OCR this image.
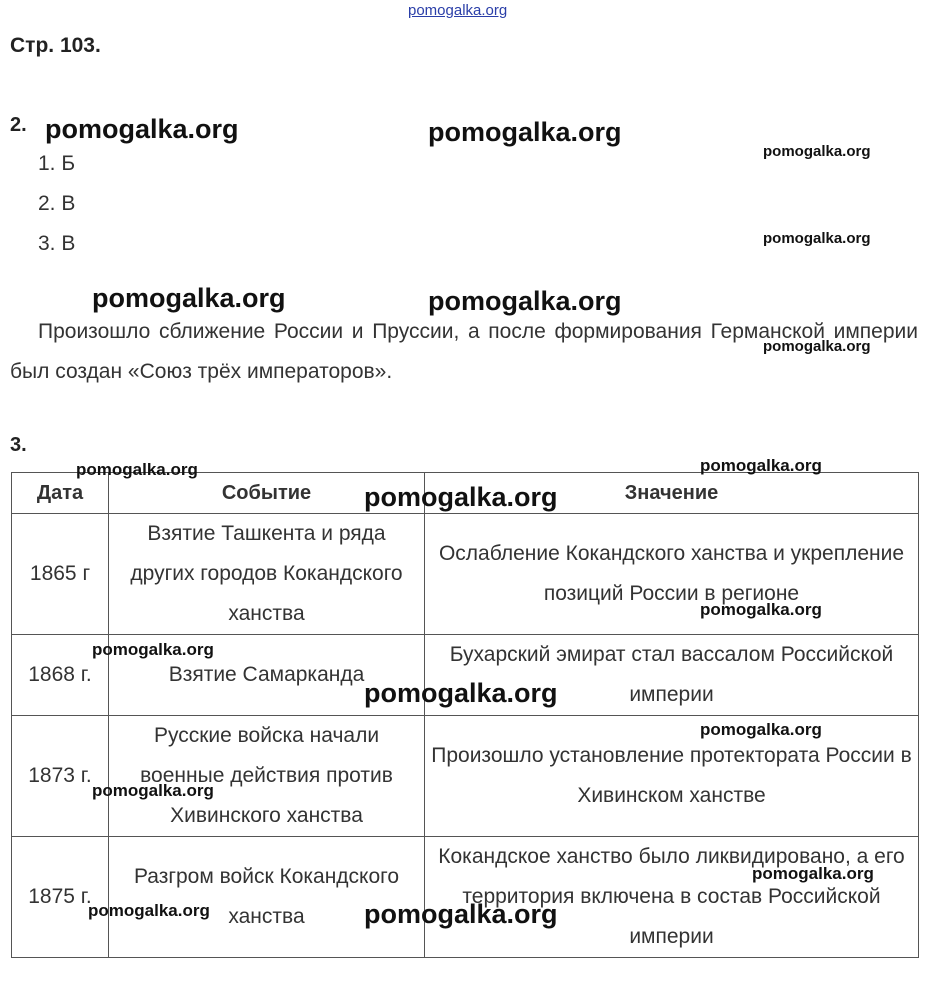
pomogalka.org
Стр. 103.
2.
1. Б
2. В
3. В

Произошло сближение России и Пруссии, а после формирования Германской империи был создан «Союз трёх императоров».

3.
Дата	Событие	Значение
1865 г	Взятие Ташкента и ряда других городов Кокандского ханства	Ослабление Кокандского ханства и укрепление позиций России в регионе
1868 г.	Взятие Самарканда	Бухарский эмират стал вассалом Российской империи
1873 г.	Русские войска начали военные действия против Хивинского ханства	Произошло установление протектората России в Хивинском ханстве
1875 г.	Разгром войск Кокандского ханства	Кокандское ханство было ликвидировано, а его территория включена в состав Российской империи
pomogalka.org	pomogalka.org
pomogalka.org
pomogalka.org
pomogalka.org	pomogalka.org
pomogalka.org
pomogalka.org	pomogalka.org
pomogalka.org
pomogalka.org
pomogalka.org
pomogalka.org
pomogalka.org
pomogalka.org
pomogalka.org
pomogalka.org	pomogalka.org
